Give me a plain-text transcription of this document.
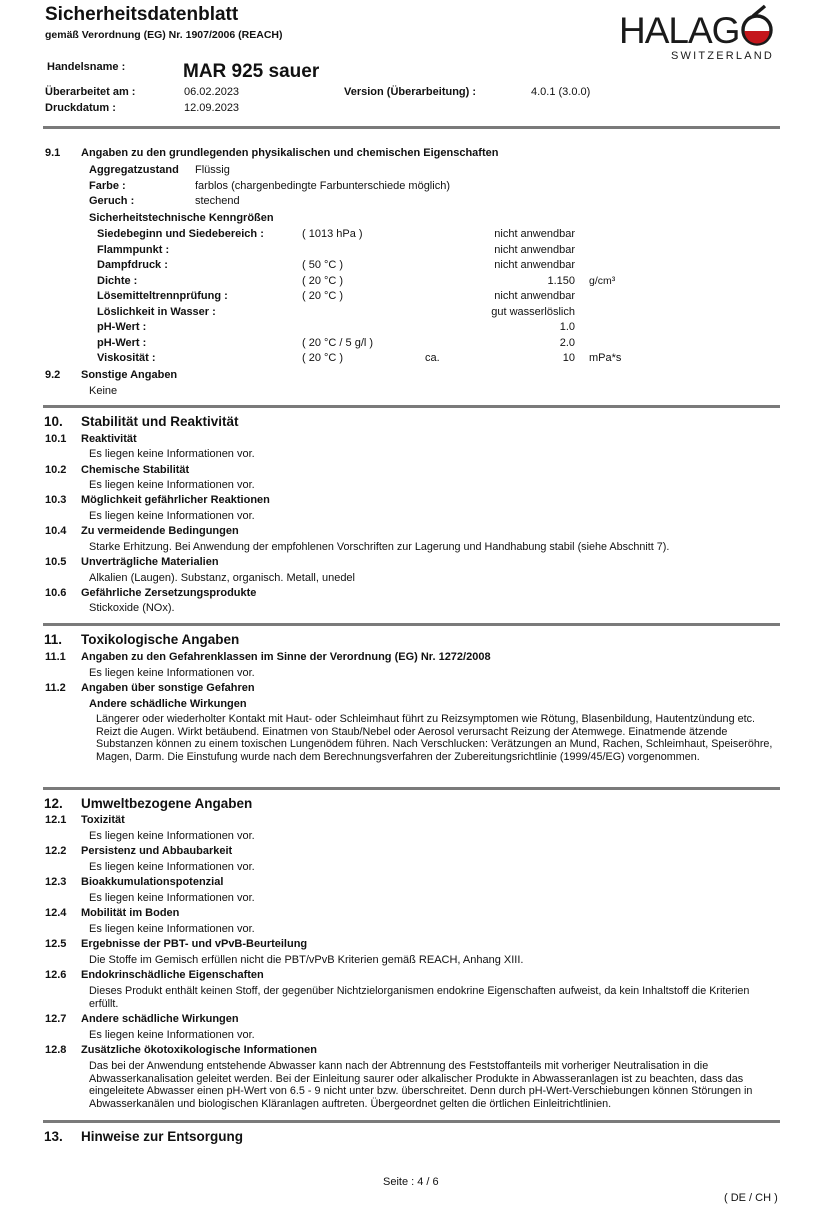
Sicherheitsdatenblatt
gemäß Verordnung (EG) Nr. 1907/2006 (REACH)	HALAG
SWITZERLAND
Handelsname :	MAR 925 sauer
Überarbeitet am :	06.02.2023	Version (Überarbeitung) :	4.0.1 (3.0.0)
Druckdatum :	12.09.2023
9.1 Angaben zu den grundlegenden physikalischen und chemischen Eigenschaften
Aggregatzustand Flüssig
Farbe :	farblos (chargenbedingte Farbunterschiede möglich)
Geruch :	stechend
Sicherheitstechnische Kenngrößen
Siedebeginn und Siedebereich :	( 1013 hPa )	nicht anwendbar
Flammpunkt :	nicht anwendbar
Dampfdruck :	( 50 °C )	nicht anwendbar
Dichte :	( 20 °C )	1.150 g/cm³
Lösemitteltrennprüfung :	( 20 °C )	nicht anwendbar
Löslichkeit in Wasser :	gut wasserlöslich
pH-Wert :	1.0
pH-Wert :	( 20 °C / 5 g/l )	2.0
Viskosität :	( 20 °C )	ca.	10 mPa*s
9.2 Sonstige Angaben
Keine
10. Stabilität und Reaktivität
10.1 Reaktivität
Es liegen keine Informationen vor.
10.2 Chemische Stabilität
Es liegen keine Informationen vor.
10.3 Möglichkeit gefährlicher Reaktionen
Es liegen keine Informationen vor.
10.4 Zu vermeidende Bedingungen
Starke Erhitzung. Bei Anwendung der empfohlenen Vorschriften zur Lagerung und Handhabung stabil (siehe Abschnitt 7).
10.5 Unverträgliche Materialien
Alkalien (Laugen). Substanz, organisch. Metall, unedel
10.6 Gefährliche Zersetzungsprodukte
Stickoxide (NOx).
11. Toxikologische Angaben
11.1 Angaben zu den Gefahrenklassen im Sinne der Verordnung (EG) Nr. 1272/2008
Es liegen keine Informationen vor.
11.2 Angaben über sonstige Gefahren
Andere schädliche Wirkungen
Längerer oder wiederholter Kontakt mit Haut- oder Schleimhaut führt zu Reizsymptomen wie Rötung, Blasenbildung, Hautentzündung etc. Reizt die Augen. Wirkt betäubend. Einatmen von Staub/Nebel oder Aerosol verursacht Reizung der Atemwege. Einatmende ätzende Substanzen können zu einem toxischen Lungenödem führen. Nach Verschlucken: Verätzungen an Mund, Rachen, Schleimhaut, Speiseröhre, Magen, Darm. Die Einstufung wurde nach dem Berechnungsverfahren der Zubereitungsrichtlinie (1999/45/EG) vorgenommen.
12. Umweltbezogene Angaben
12.1 Toxizität
Es liegen keine Informationen vor.
12.2 Persistenz und Abbaubarkeit
Es liegen keine Informationen vor.
12.3 Bioakkumulationspotenzial
Es liegen keine Informationen vor.
12.4 Mobilität im Boden
Es liegen keine Informationen vor.
12.5 Ergebnisse der PBT- und vPvB-Beurteilung
Die Stoffe im Gemisch erfüllen nicht die PBT/vPvB Kriterien gemäß REACH, Anhang XIII.
12.6 Endokrinschädliche Eigenschaften
Dieses Produkt enthält keinen Stoff, der gegenüber Nichtzielorganismen endokrine Eigenschaften aufweist, da kein Inhaltstoff die Kriterien erfüllt.
12.7 Andere schädliche Wirkungen
Es liegen keine Informationen vor.
12.8 Zusätzliche ökotoxikologische Informationen
Das bei der Anwendung entstehende Abwasser kann nach der Abtrennung des Feststoffanteils mit vorheriger Neutralisation in die Abwasserkanalisation geleitet werden. Bei der Einleitung saurer oder alkalischer Produkte in Abwasseranlagen ist zu beachten, dass das eingeleitete Abwasser einen pH-Wert von 6.5 - 9 nicht unter bzw. überschreitet. Denn durch pH-Wert-Verschiebungen können Störungen in Abwasserkanälen und biologischen Kläranlagen auftreten. Übergeordnet gelten die örtlichen Einleitrichtlinien.
13. Hinweise zur Entsorgung
Seite : 4 / 6
( DE / CH )
